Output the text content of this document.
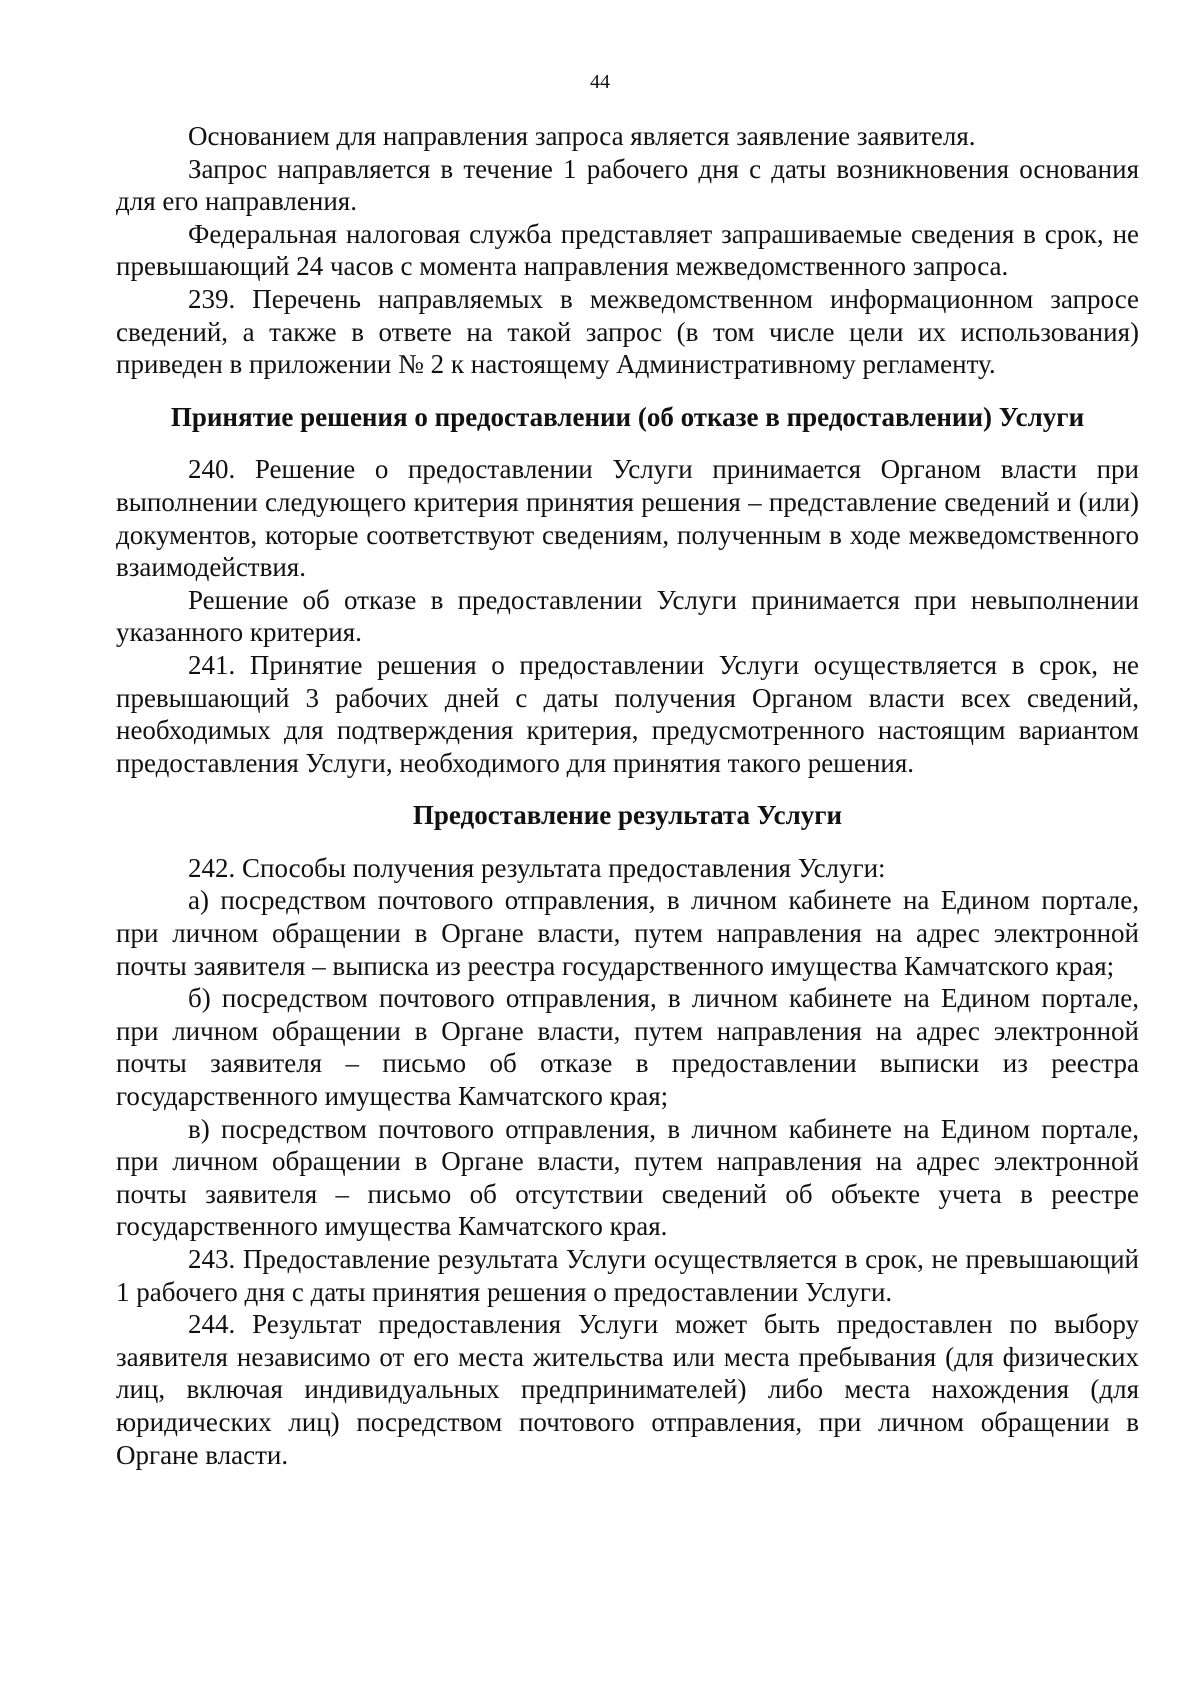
44

Основанием для направления запроса является заявление заявителя.

Запрос направляется в течение 1 рабочего дня с даты возникновения основания для его направления.

Федеральная налоговая служба представляет запрашиваемые сведения в срок, не превышающий 24 часов с момента направления межведомственного запроса.

239. Перечень направляемых в межведомственном информационном запросе сведений, а также в ответе на такой запрос (в том числе цели их использования) приведен в приложении № 2 к настоящему Административному регламенту.

Принятие решения о предоставлении (об отказе в предоставлении) Услуги

240. Решение о предоставлении Услуги принимается Органом власти при выполнении следующего критерия принятия решения – представление сведений и (или) документов, которые соответствуют сведениям, полученным в ходе межведомственного взаимодействия.

Решение об отказе в предоставлении Услуги принимается при невыполнении указанного критерия.

241. Принятие решения о предоставлении Услуги осуществляется в срок, не превышающий 3 рабочих дней с даты получения Органом власти всех сведений, необходимых для подтверждения критерия, предусмотренного настоящим вариантом предоставления Услуги, необходимого для принятия такого решения.

Предоставление результата Услуги

242. Способы получения результата предоставления Услуги:

а) посредством почтового отправления, в личном кабинете на Едином портале, при личном обращении в Органе власти, путем направления на адрес электронной почты заявителя – выписка из реестра государственного имущества Камчатского края;

б) посредством почтового отправления, в личном кабинете на Едином портале, при личном обращении в Органе власти, путем направления на адрес электронной почты заявителя – письмо об отказе в предоставлении выписки из реестра государственного имущества Камчатского края;

в) посредством почтового отправления, в личном кабинете на Едином портале, при личном обращении в Органе власти, путем направления на адрес электронной почты заявителя – письмо об отсутствии сведений об объекте учета в реестре государственного имущества Камчатского края.

243. Предоставление результата Услуги осуществляется в срок, не превышающий 1 рабочего дня с даты принятия решения о предоставлении Услуги.

244. Результат предоставления Услуги может быть предоставлен по выбору заявителя независимо от его места жительства или места пребывания (для физических лиц, включая индивидуальных предпринимателей) либо места нахождения (для юридических лиц) посредством почтового отправления, при личном обращении в Органе власти.
